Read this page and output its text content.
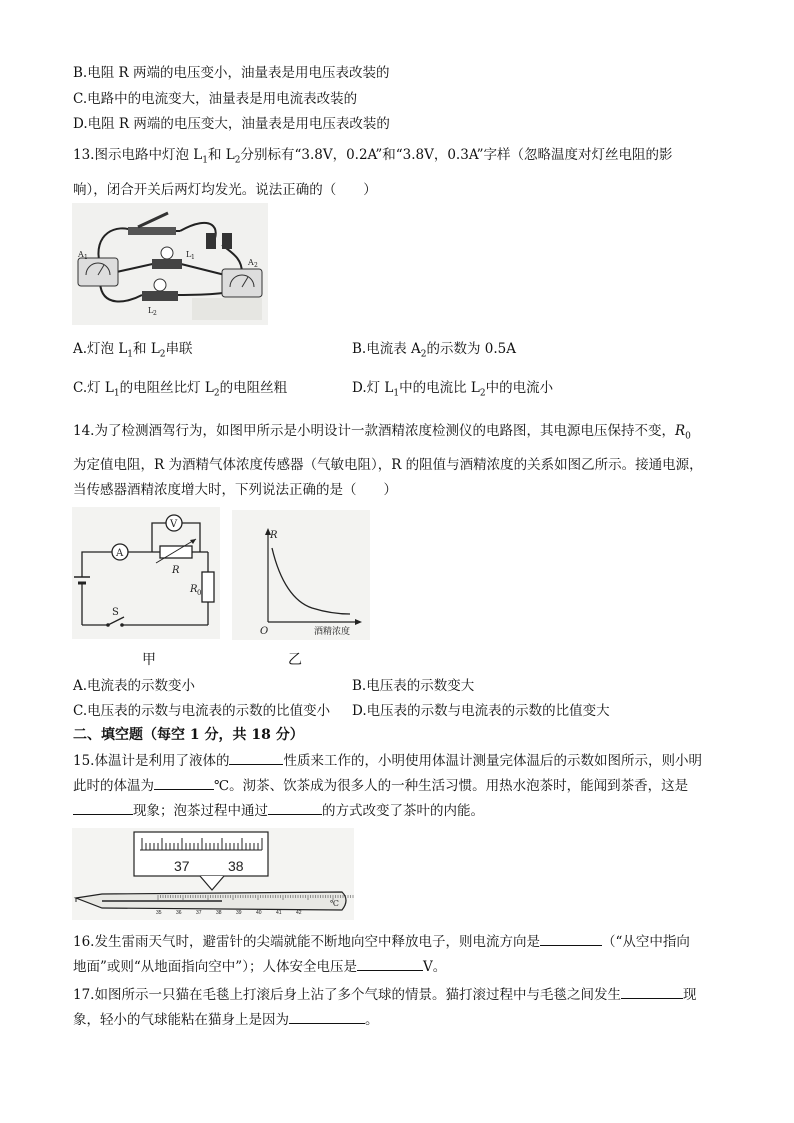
B.电阻 R 两端的电压变小，油量表是用电压表改装的
C.电路中的电流变大，油量表是用电流表改装的
D.电阻 R 两端的电压变大，油量表是用电压表改装的
13.图示电路中灯泡 $L_1$和 $L_2$分别标有“3.8V，0.2A”和“3.8V，0.3A”字样（忽略温度对灯丝电阻的影
响），闭合开关后两灯均发光。说法正确的（　　）
A 1
A 2
L 1
L 2
A.灯泡 $L_1$和 $L_2$串联	B.电流表 $A_2$的示数为 0.5A
C.灯 $L_1$的电阻丝比灯 $L_2$的电阻丝粗	D.灯 $L_1$中的电流比 $L_2$中的电流小
14.为了检测酒驾行为，如图甲所示是小明设计一款酒精浓度检测仪的电路图，其电源电压保持不变，$R_0$
为定值电阻，R 为酒精气体浓度传感器（气敏电阻），R 的阻值与酒精浓度的关系如图乙所示。接通电源，
当传感器酒精浓度增大时，下列说法正确的是（　　）
A
R
V
R 0
S
R
O	酒精浓度
甲	乙
A.电流表的示数变小	B.电压表的示数变大
C.电压表的示数与电流表的示数的比值变小 D.电压表的示数与电流表的示数的比值变大
二、填空题（每空 1 分，共 18 分）
15.体温计是利用了液体的	性质来工作的，小明使用体温计测量完体温后的示数如图所示，则小明
此时的体温为	℃。沏茶、饮茶成为很多人的一种生活习惯。用热水泡茶时，能闻到茶香，这是
现象；泡茶过程中通过	的方式改变了茶叶的内能。
37	38
35	36	37	38	39	40	41	42
℃
16.发生雷雨天气时，避雷针的尖端就能不断地向空中释放电子，则电流方向是	（“从空中指向
地面”或则“从地面指向空中”）；人体安全电压是	V。
17.如图所示一只猫在毛毯上打滚后身上沾了多个气球的情景。猫打滚过程中与毛毯之间发生	现
象，轻小的气球能粘在猫身上是因为	。
